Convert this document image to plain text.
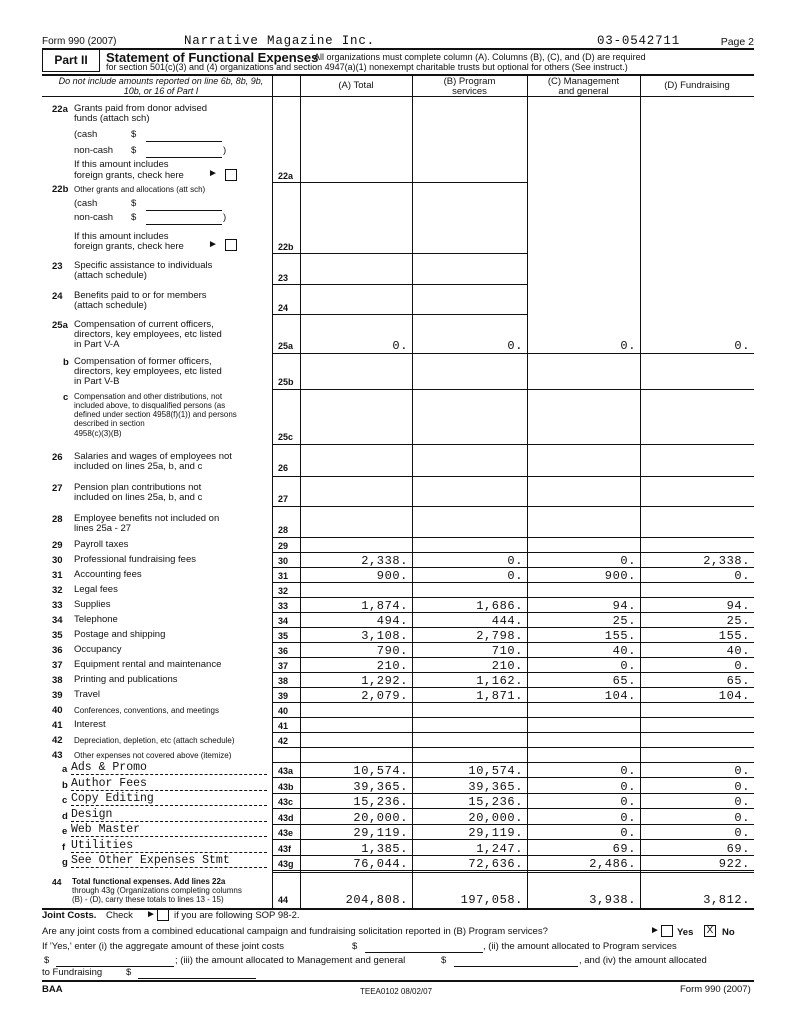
Form 990 (2007)	Narrative Magazine Inc.	03-0542711	Page 2
Part II	Statement of Functional Expenses
All organizations must complete column (A). Columns (B), (C), and (D) are required
for section 501(c)(3) and (4) organizations and section 4947(a)(1) nonexempt charitable trusts but optional for others (See instruct.)
Do not include amounts reported on line 6b, 8b, 9b, 10b, or 16 of Part I	(A) Total	(B) Program
services
(C) Management
and general
(D) Fundraising
22a Grants paid from donor advised
funds (attach sch)
(cash	$
non-cash $	)
If this amount includes
foreign grants, check here ►	22a
22b Other grants and allocations (att sch)
(cash	$
non-cash $	)
If this amount includes
foreign grants, check here ►	22b
23 Specific assistance to individuals
(attach schedule)	23
24 Benefits paid to or for members
(attach schedule)	24
25a Compensation of current officers,
directors, key employees, etc listed
in Part V-A	25a	0.	0.	0.	0.
b Compensation of former officers,
directors, key employees, etc listed
in Part V-B	25b
c Compensation and other distributions, not
included above, to disqualified persons (as
defined under section 4958(f)(1)) and persons
described in section
4958(c)(3)(B)	25c
26 Salaries and wages of employees not
included on lines 25a, b, and c	26
27 Pension plan contributions not
included on lines 25a, b, and c	27
28 Employee benefits not included on
lines 25a - 27	28
29 Payroll taxes	29
30 Professional fundraising fees	30	2,338.	0.	0.	2,338.
31 Accounting fees	31	900.	0.	900.	0.
32 Legal fees	32
33 Supplies	33	1,874.	1,686.	94.	94.
34 Telephone	34	494.	444.	25.	25.
35 Postage and shipping	35	3,108.	2,798.	155.	155.
36 Occupancy	36	790.	710.	40.	40.
37 Equipment rental and maintenance	37	210.	210.	0.	0.
38 Printing and publications	38	1,292.	1,162.	65.	65.
39 Travel	39	2,079.	1,871.	104.	104.
40 Conferences, conventions, and meetings	40
41 Interest	41
42 Depreciation, depletion, etc (attach schedule)	42
43 Other expenses not covered above (itemize)
a Ads & Promo	43a	10,574.	10,574.	0.	0.
b Author Fees	43b	39,365.	39,365.	0.	0.
c Copy Editing	43c	15,236.	15,236.	0.	0.
d Design	43d	20,000.	20,000.	0.	0.
e Web Master	43e	29,119.	29,119.	0.	0.
f Utilities	43f	1,385.	1,247.	69.	69.
g See Other Expenses Stmt	43g	76,044.	72,636.	2,486.	922.
44 Total functional expenses. Add lines 22a
through 43g (Organizations completing columns
(B) - (D), carry these totals to lines 13 - 15)	44	204,808.	197,058.	3,938.	3,812.
Joint Costs. Check ► if you are following SOP 98-2.
Are any joint costs from a combined educational campaign and fundraising solicitation reported in (B) Program services?	► Yes X No
If 'Yes,' enter (i) the aggregate amount of these joint costs	$	, (ii) the amount allocated to Program services
$	; (iii) the amount allocated to Management and general	$	, and (iv) the amount allocated
to Fundraising	$
BAA	TEEA0102 08/02/07	Form 990 (2007)
